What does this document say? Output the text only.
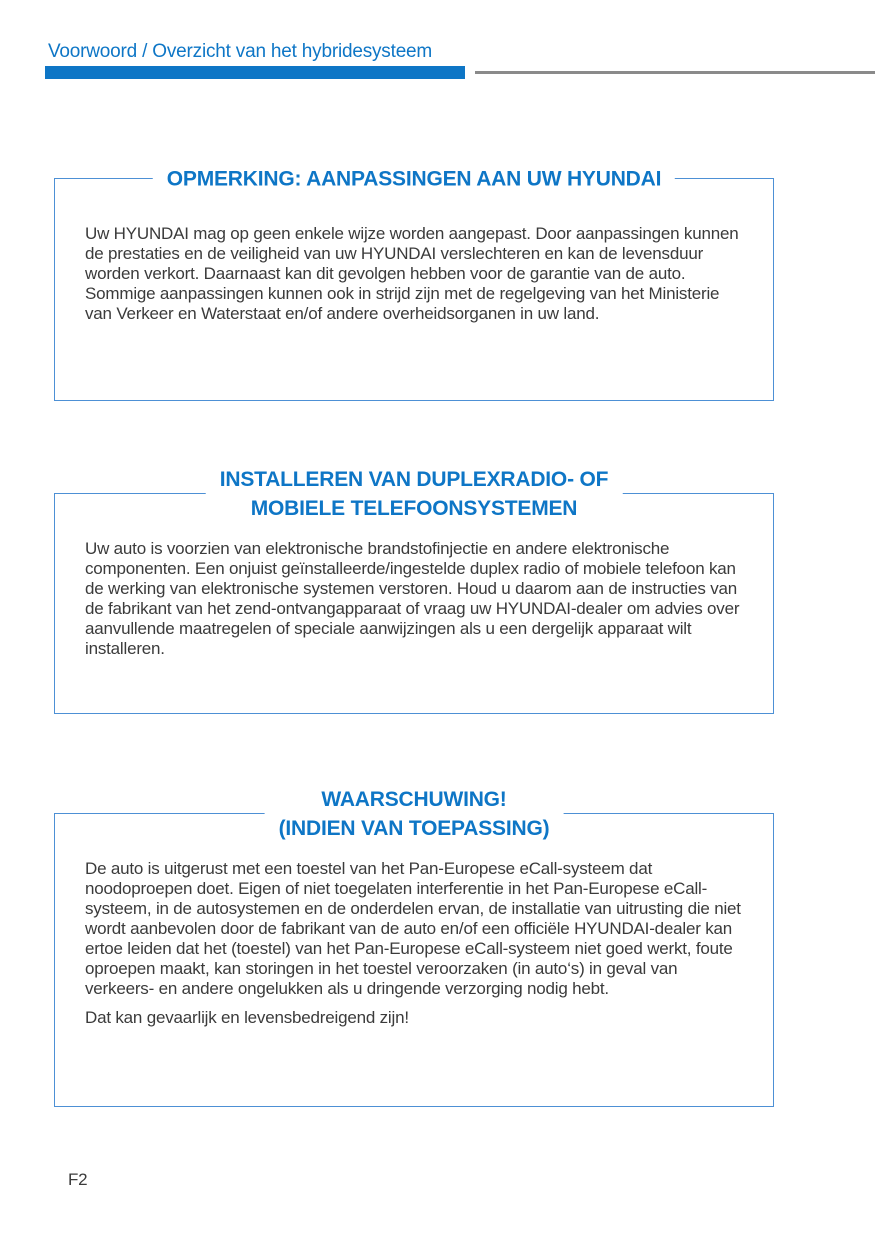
Voorwoord / Overzicht van het hybridesysteem
OPMERKING: AANPASSINGEN AAN UW HYUNDAI

Uw HYUNDAI mag op geen enkele wijze worden aangepast. Door aanpassingen kunnen de prestaties en de veiligheid van uw HYUNDAI verslechteren en kan de levensduur worden verkort. Daarnaast kan dit gevolgen hebben voor de garantie van de auto. Sommige aanpassingen kunnen ook in strijd zijn met de regelgeving van het Ministerie van Verkeer en Waterstaat en/of andere overheidsorganen in uw land.

INSTALLEREN VAN DUPLEXRADIO- OF
MOBIELE TELEFOONSYSTEMEN

Uw auto is voorzien van elektronische brandstofinjectie en andere elektronische componenten. Een onjuist geïnstalleerde/ingestelde duplex radio of mobiele telefoon kan de werking van elektronische systemen verstoren. Houd u daarom aan de instructies van de fabrikant van het zend-ontvangapparaat of vraag uw HYUNDAI-dealer om advies over aanvullende maatregelen of speciale aanwijzingen als u een dergelijk apparaat wilt installeren.

WAARSCHUWING!
(INDIEN VAN TOEPASSING)

De auto is uitgerust met een toestel van het Pan-Europese eCall-systeem dat noodoproepen doet. Eigen of niet toegelaten interferentie in het Pan-Europese eCall-systeem, in de autosystemen en de onderdelen ervan, de installatie van uitrusting die niet wordt aanbevolen door de fabrikant van de auto en/of een officiële HYUNDAI-dealer kan ertoe leiden dat het (toestel) van het Pan-Europese eCall-systeem niet goed werkt, foute oproepen maakt, kan storingen in het toestel veroorzaken (in auto‘s) in geval van verkeers- en andere ongelukken als u dringende verzorging nodig hebt.

Dat kan gevaarlijk en levensbedreigend zijn!

F2
